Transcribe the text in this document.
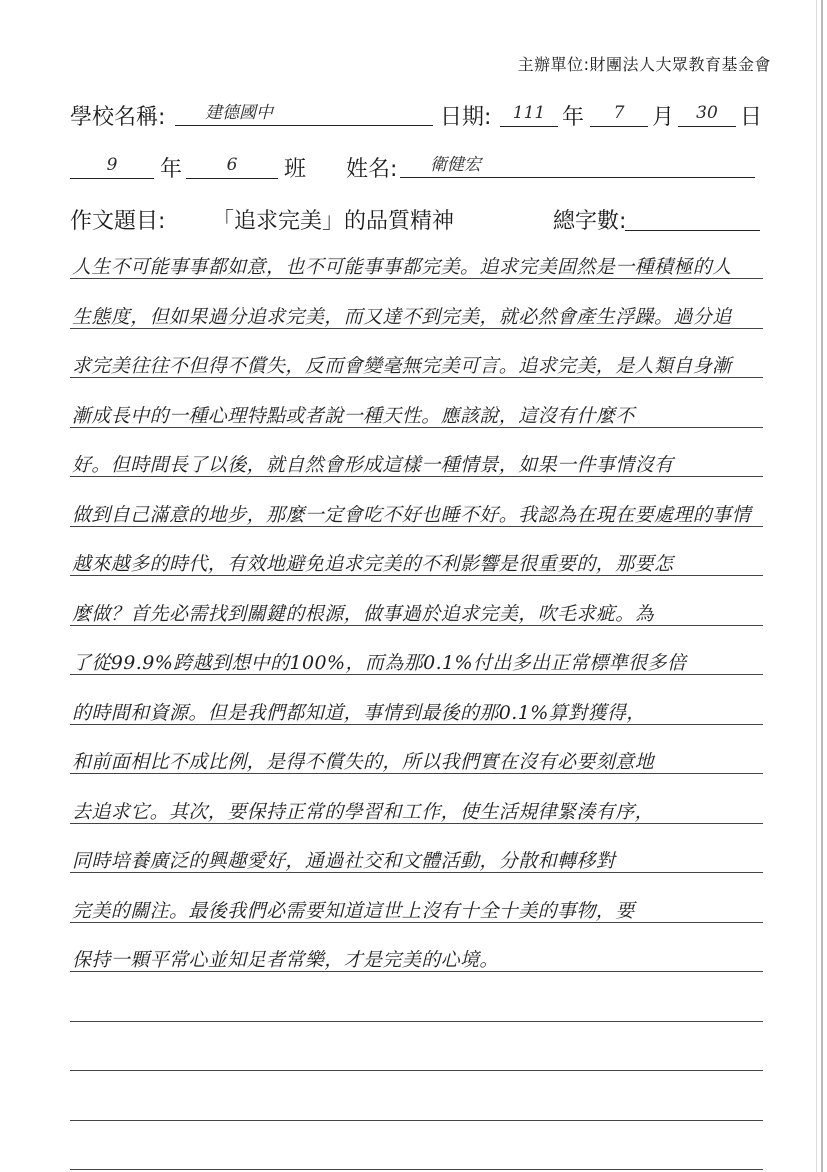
主辦單位:財團法人大眾教育基金會
學校名稱:	建德國中	日期:	111 年	7	月	30	日
9	年	6	班 姓名:	衛健宏
作文題目: 「追求完美」的品質精神	總字數:
人生不可能事事都如意，也不可能事事都完美。追求完美固然是一種積極的人
生態度，但如果過分追求完美，而又達不到完美，就必然會產生浮躁。過分追
求完美往往不但得不償失，反而會變毫無完美可言。追求完美，是人類自身漸
漸成長中的一種心理特點或者說一種天性。應該說，這沒有什麼不
好。但時間長了以後，就自然會形成這樣一種情景，如果一件事情沒有
做到自己滿意的地步，那麼一定會吃不好也睡不好。我認為在現在要處理的事情
越來越多的時代，有效地避免追求完美的不利影響是很重要的，那要怎
麼做？首先必需找到關鍵的根源，做事過於追求完美，吹毛求疵。為
了從99.9%跨越到想中的100%，而為那0.1%付出多出正常標準很多倍
的時間和資源。但是我們都知道，事情到最後的那0.1%算對獲得，
和前面相比不成比例，是得不償失的，所以我們實在沒有必要刻意地
去追求它。其次，要保持正常的學習和工作，使生活規律緊湊有序，
同時培養廣泛的興趣愛好，通過社交和文體活動，分散和轉移對
完美的關注。最後我們必需要知道這世上沒有十全十美的事物，要
保持一顆平常心並知足者常樂，才是完美的心境。
